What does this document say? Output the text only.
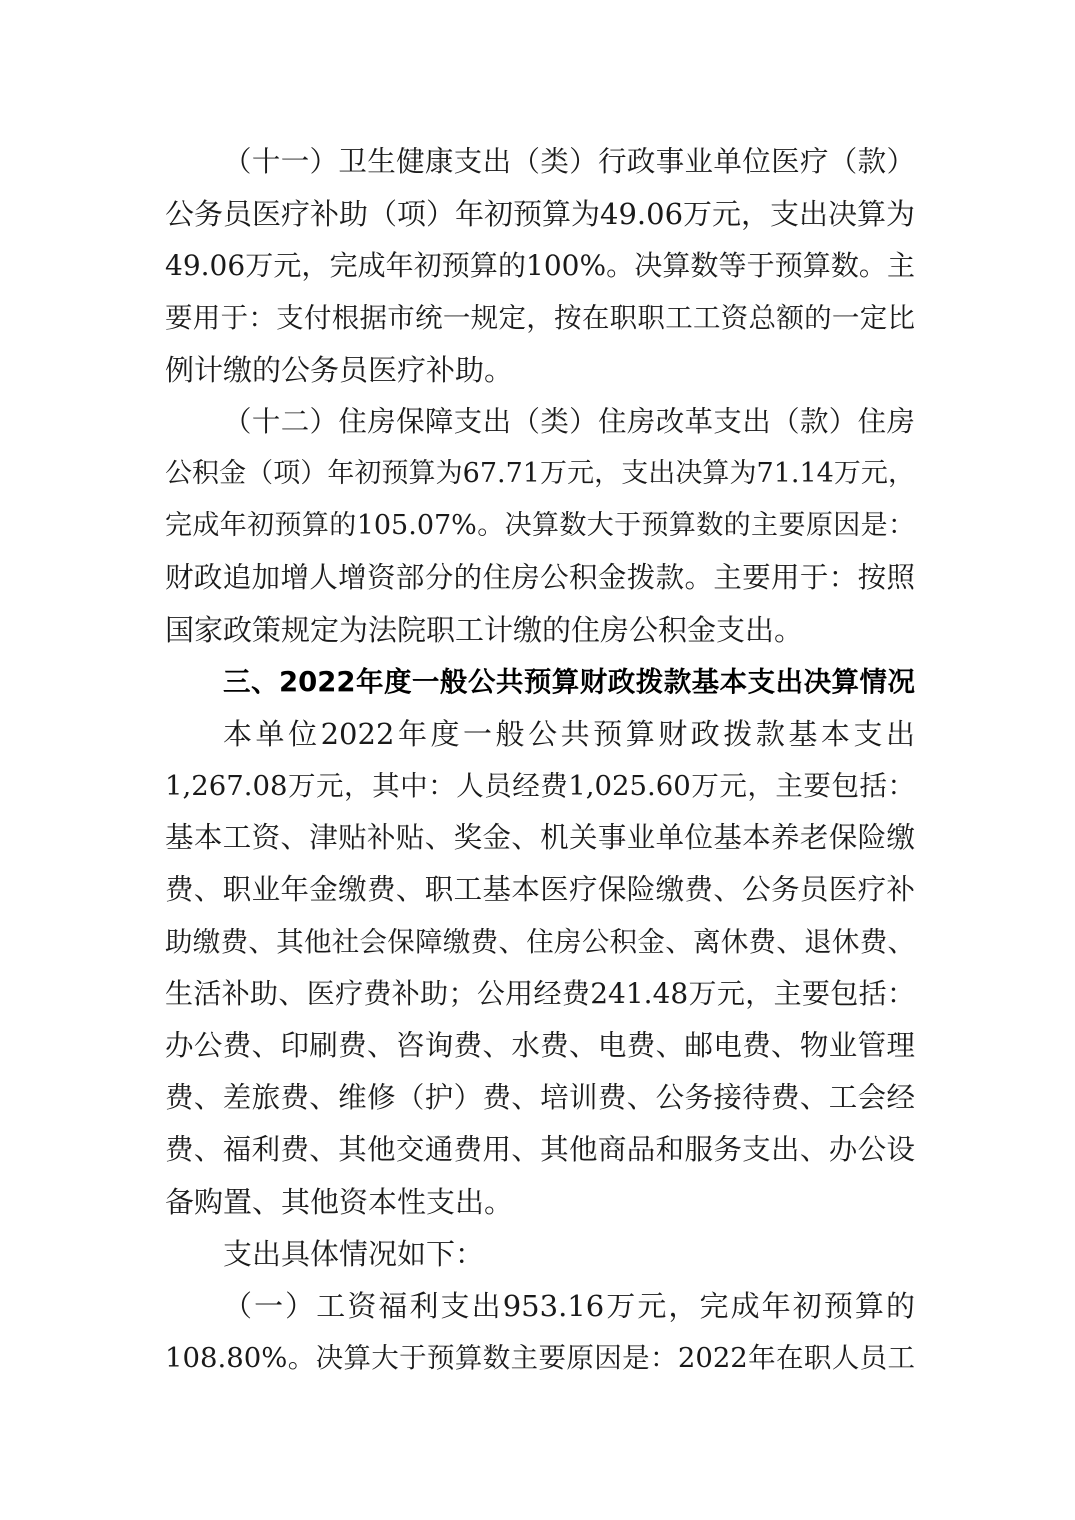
（十一）卫生健康支出（类）行政事业单位医疗（款）
公务员医疗补助（项）年初预算为49.06万元，支出决算为
49.06万元，完成年初预算的100%。决算数等于预算数。主
要用于：支付根据市统一规定，按在职职工工资总额的一定比
例计缴的公务员医疗补助。
（十二）住房保障支出（类）住房改革支出（款）住房
公积金（项）年初预算为67.71万元，支出决算为71.14万元，
完成年初预算的105.07%。决算数大于预算数的主要原因是：
财政追加增人增资部分的住房公积金拨款。主要用于：按照
国家政策规定为法院职工计缴的住房公积金支出。
三、2022年度一般公共预算财政拨款基本支出决算情况
本单位2022年度一般公共预算财政拨款基本支出
1,267.08万元，其中：人员经费1,025.60万元，主要包括：
基本工资、津贴补贴、奖金、机关事业单位基本养老保险缴
费、职业年金缴费、职工基本医疗保险缴费、公务员医疗补
助缴费、其他社会保障缴费、住房公积金、离休费、退休费、
生活补助、医疗费补助；公用经费241.48万元，主要包括：
办公费、印刷费、咨询费、水费、电费、邮电费、物业管理
费、差旅费、维修（护）费、培训费、公务接待费、工会经
费、福利费、其他交通费用、其他商品和服务支出、办公设
备购置、其他资本性支出。
支出具体情况如下：
（一）工资福利支出953.16万元，完成年初预算的
108.80%。决算大于预算数主要原因是：2022年在职人员工
